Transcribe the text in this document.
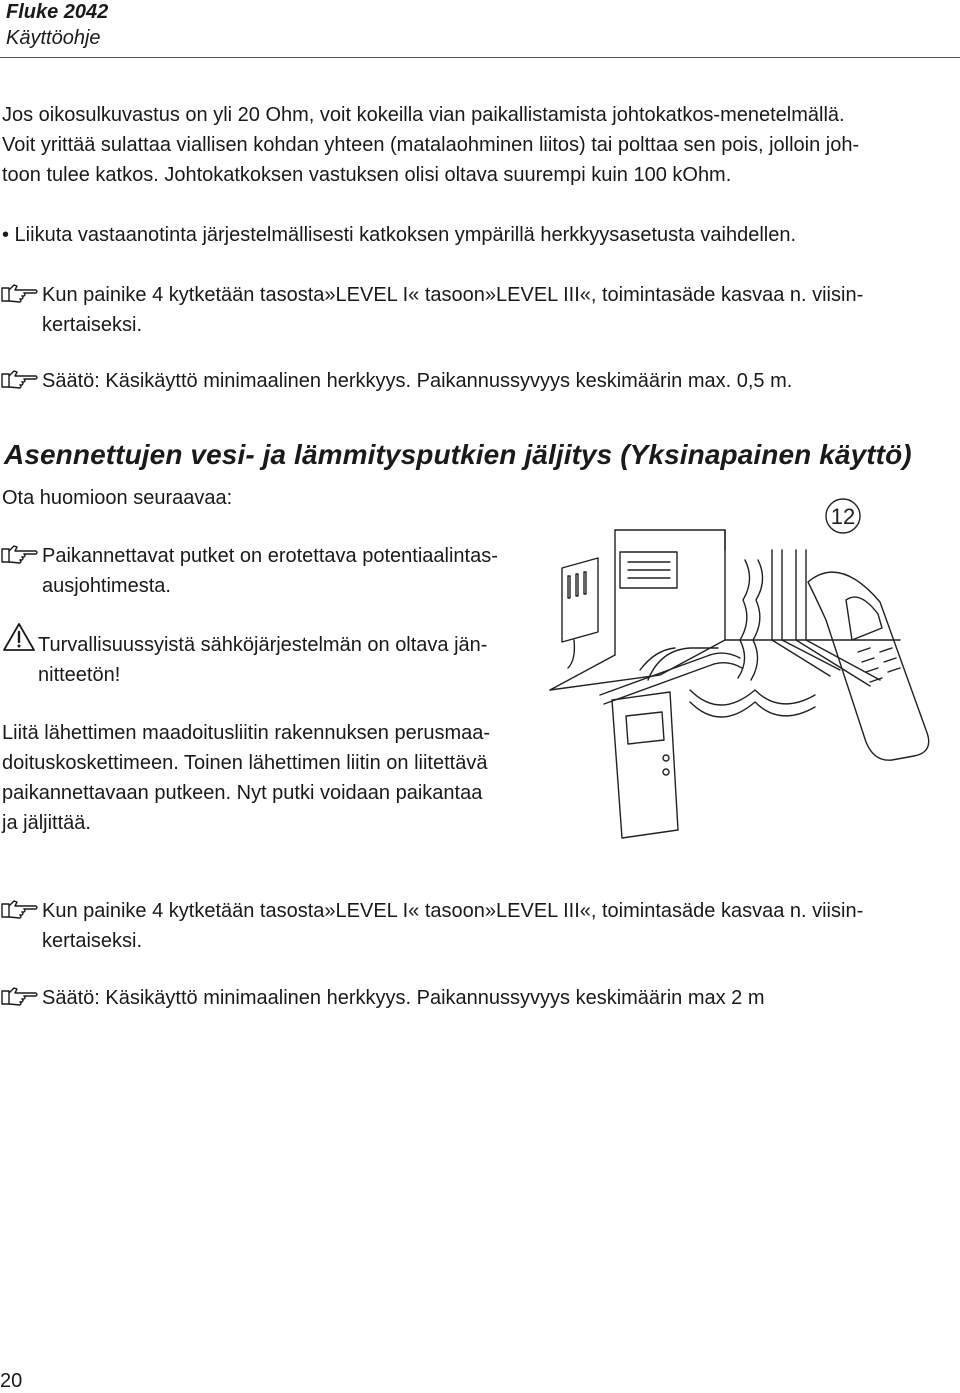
Fluke 2042
Käyttöohje
Jos oikosulkuvastus on yli 20 Ohm, voit kokeilla vian paikallistamista johtokatkos-menetelmällä.
Voit yrittää sulattaa viallisen kohdan yhteen (matalaohminen liitos) tai polttaa sen pois, jolloin joh-
toon tulee katkos. Johtokatkoksen vastuksen olisi oltava suurempi kuin 100 kOhm.
• Liikuta vastaanotinta järjestelmällisesti katkoksen ympärillä herkkyysasetusta vaihdellen.
Kun painike 4 kytketään tasosta»LEVEL I« tasoon»LEVEL III«, toimintasäde kasvaa n. viisin-
kertaiseksi.
Säätö: Käsikäyttö minimaalinen herkkyys. Paikannussyvyys keskimäärin max. 0,5 m.
Asennettujen vesi- ja lämmitysputkien jäljitys (Yksinapainen käyttö)
Ota huomioon seuraavaa:
Paikannettavat putket on erotettava potentiaalintas-
ausjohtimesta.
Turvallisuussyistä sähköjärjestelmän on oltava jän-
nitteetön!
Liitä lähettimen maadoitusliitin rakennuksen perusmaa-
doituskoskettimeen. Toinen lähettimen liitin on liitettävä
paikannettavaan putkeen. Nyt putki voidaan paikantaa
ja jäljittää.
12
Kun painike 4 kytketään tasosta»LEVEL I« tasoon»LEVEL III«, toimintasäde kasvaa n. viisin-
kertaiseksi.
Säätö: Käsikäyttö minimaalinen herkkyys. Paikannussyvyys keskimäärin max 2 m
20
